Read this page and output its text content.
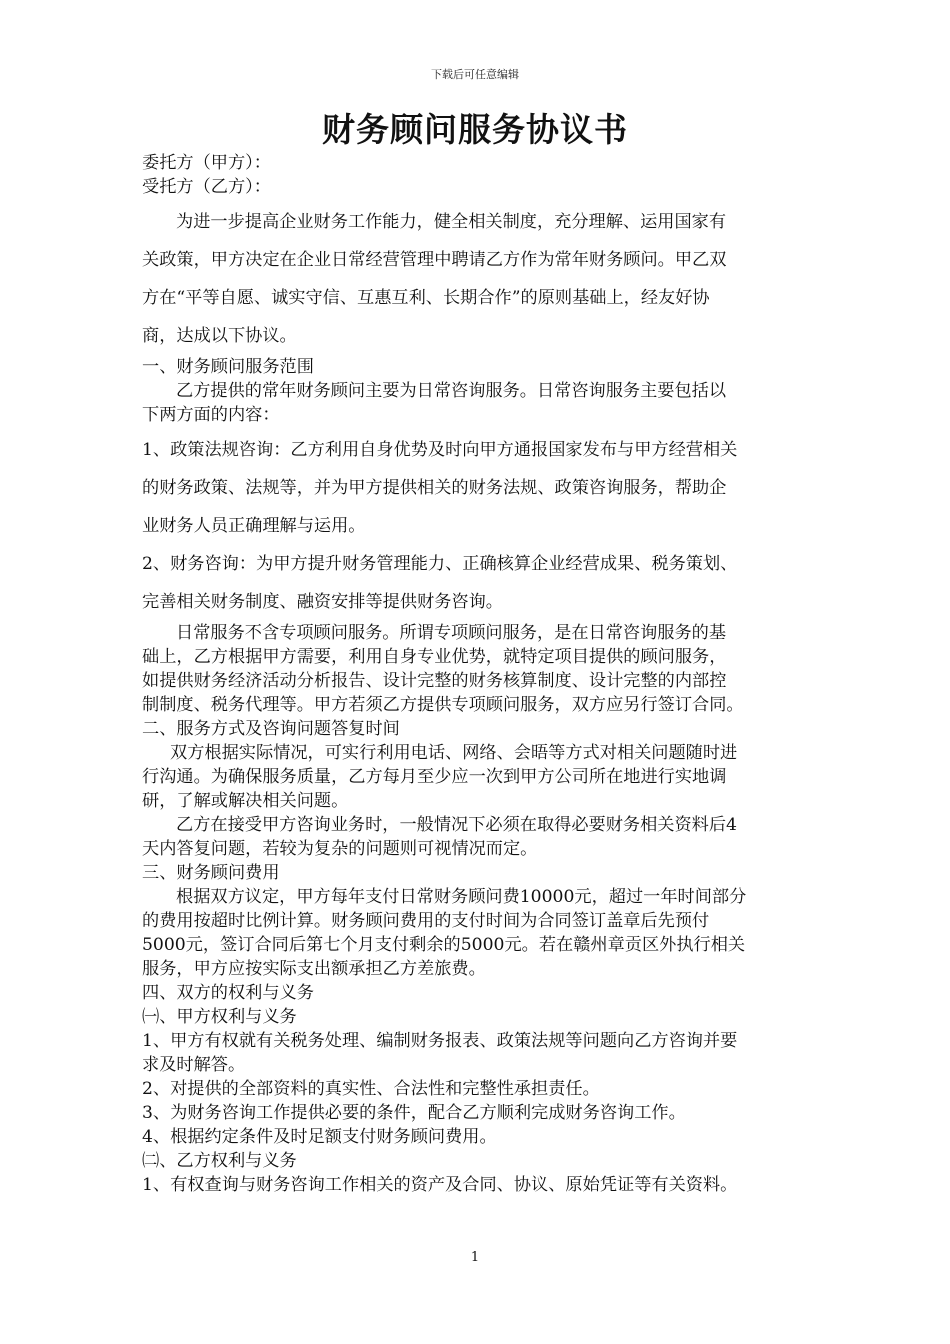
下载后可任意编辑
财务顾问服务协议书

委托方（甲方）：

受托方（乙方）：

为进一步提高企业财务工作能力，健全相关制度，充分理解、运用国家有

关政策，甲方决定在企业日常经营管理中聘请乙方作为常年财务顾问。甲乙双

方在“平等自愿、诚实守信、互惠互利、长期合作”的原则基础上，经友好协

商，达成以下协议。

一、财务顾问服务范围

乙方提供的常年财务顾问主要为日常咨询服务。日常咨询服务主要包括以

下两方面的内容：

1、政策法规咨询：乙方利用自身优势及时向甲方通报国家发布与甲方经营相关

的财务政策、法规等，并为甲方提供相关的财务法规、政策咨询服务，帮助企

业财务人员正确理解与运用。

2、财务咨询：为甲方提升财务管理能力、正确核算企业经营成果、税务策划、

完善相关财务制度、融资安排等提供财务咨询。

日常服务不含专项顾问服务。所谓专项顾问服务，是在日常咨询服务的基

础上，乙方根据甲方需要，利用自身专业优势，就特定项目提供的顾问服务，

如提供财务经济活动分析报告、设计完整的财务核算制度、设计完整的内部控

制制度、税务代理等。甲方若须乙方提供专项顾问服务，双方应另行签订合同。

二、服务方式及咨询问题答复时间

双方根据实际情况，可实行利用电话、网络、会晤等方式对相关问题随时进

行沟通。为确保服务质量，乙方每月至少应一次到甲方公司所在地进行实地调

研，了解或解决相关问题。

乙方在接受甲方咨询业务时，一般情况下必须在取得必要财务相关资料后4

天内答复问题，若较为复杂的问题则可视情况而定。

三、财务顾问费用

根据双方议定，甲方每年支付日常财务顾问费10000元，超过一年时间部分

的费用按超时比例计算。财务顾问费用的支付时间为合同签订盖章后先预付

5000元，签订合同后第七个月支付剩余的5000元。若在赣州章贡区外执行相关

服务，甲方应按实际支出额承担乙方差旅费。

四、双方的权利与义务

㈠、甲方权利与义务

1、甲方有权就有关税务处理、编制财务报表、政策法规等问题向乙方咨询并要

求及时解答。

2、对提供的全部资料的真实性、合法性和完整性承担责任。

3、为财务咨询工作提供必要的条件，配合乙方顺利完成财务咨询工作。

4、根据约定条件及时足额支付财务顾问费用。

㈡、乙方权利与义务

1、有权查询与财务咨询工作相关的资产及合同、协议、原始凭证等有关资料。

1
